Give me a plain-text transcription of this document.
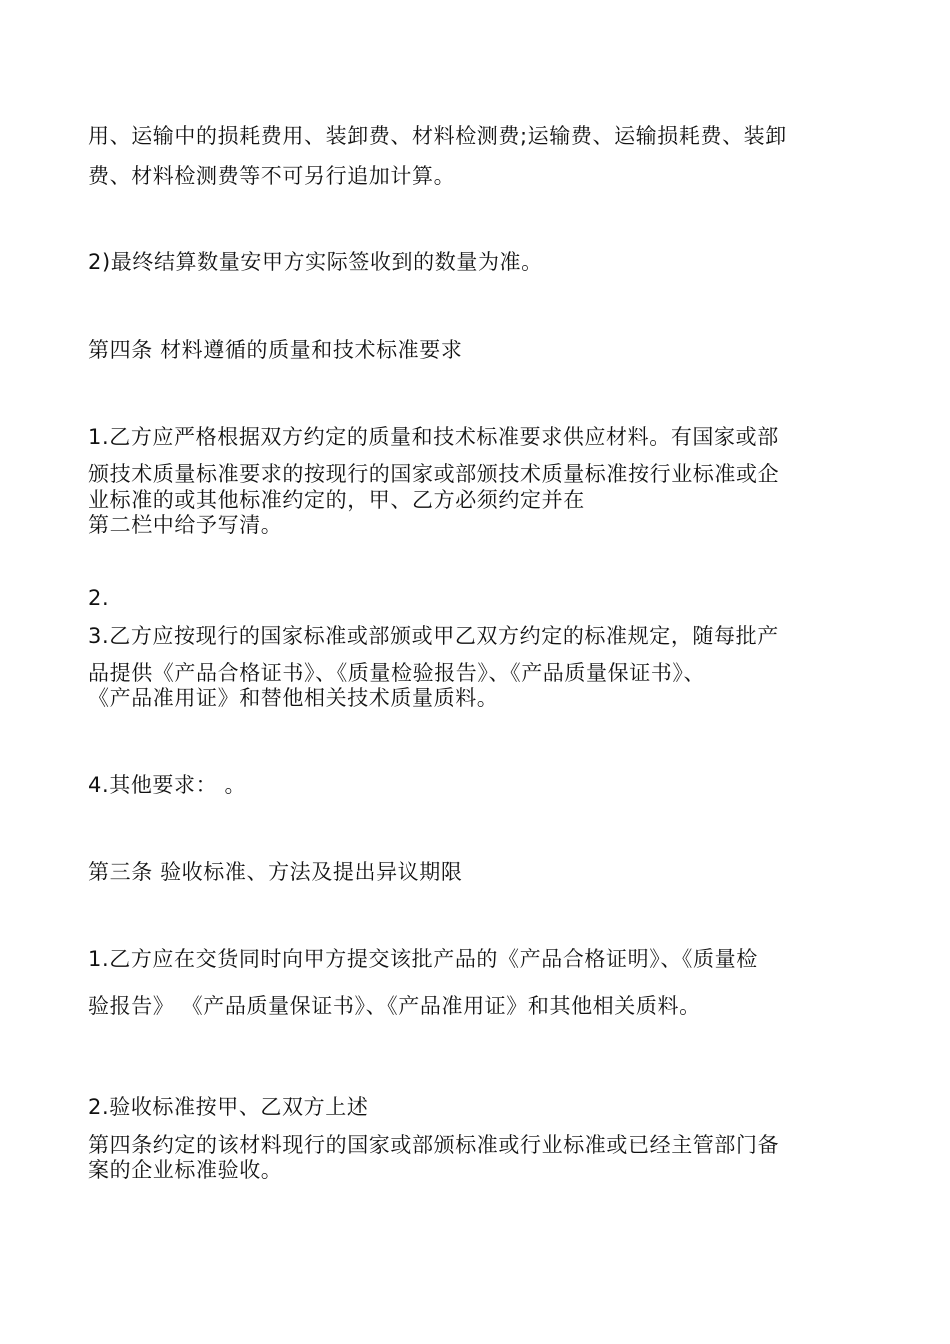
用、运输中的损耗费用、装卸费、材料检测费;运输费、运输损耗费、装卸
费、材料检测费等不可另行追加计算。
2)最终结算数量安甲方实际签收到的数量为准。
第四条 材料遵循的质量和技术标准要求
1.乙方应严格根据双方约定的质量和技术标准要求供应材料。有国家或部
颁技术质量标准要求的按现行的国家或部颁技术质量标准按行业标准或企
业标准的或其他标准约定的，甲、乙方必须约定并在
第二栏中给予写清。
2.
3.乙方应按现行的国家标准或部颁或甲乙双方约定的标准规定，随每批产
品提供《产品合格证书》、《质量检验报告》、《产品质量保证书》、
《产品准用证》和替他相关技术质量质料。
4.其他要求： 。
第三条 验收标准、方法及提出异议期限
1.乙方应在交货同时向甲方提交该批产品的《产品合格证明》、《质量检
验报告》 《产品质量保证书》、《产品准用证》和其他相关质料。
2.验收标准按甲、乙双方上述
第四条约定的该材料现行的国家或部颁标准或行业标准或已经主管部门备
案的企业标准验收。
